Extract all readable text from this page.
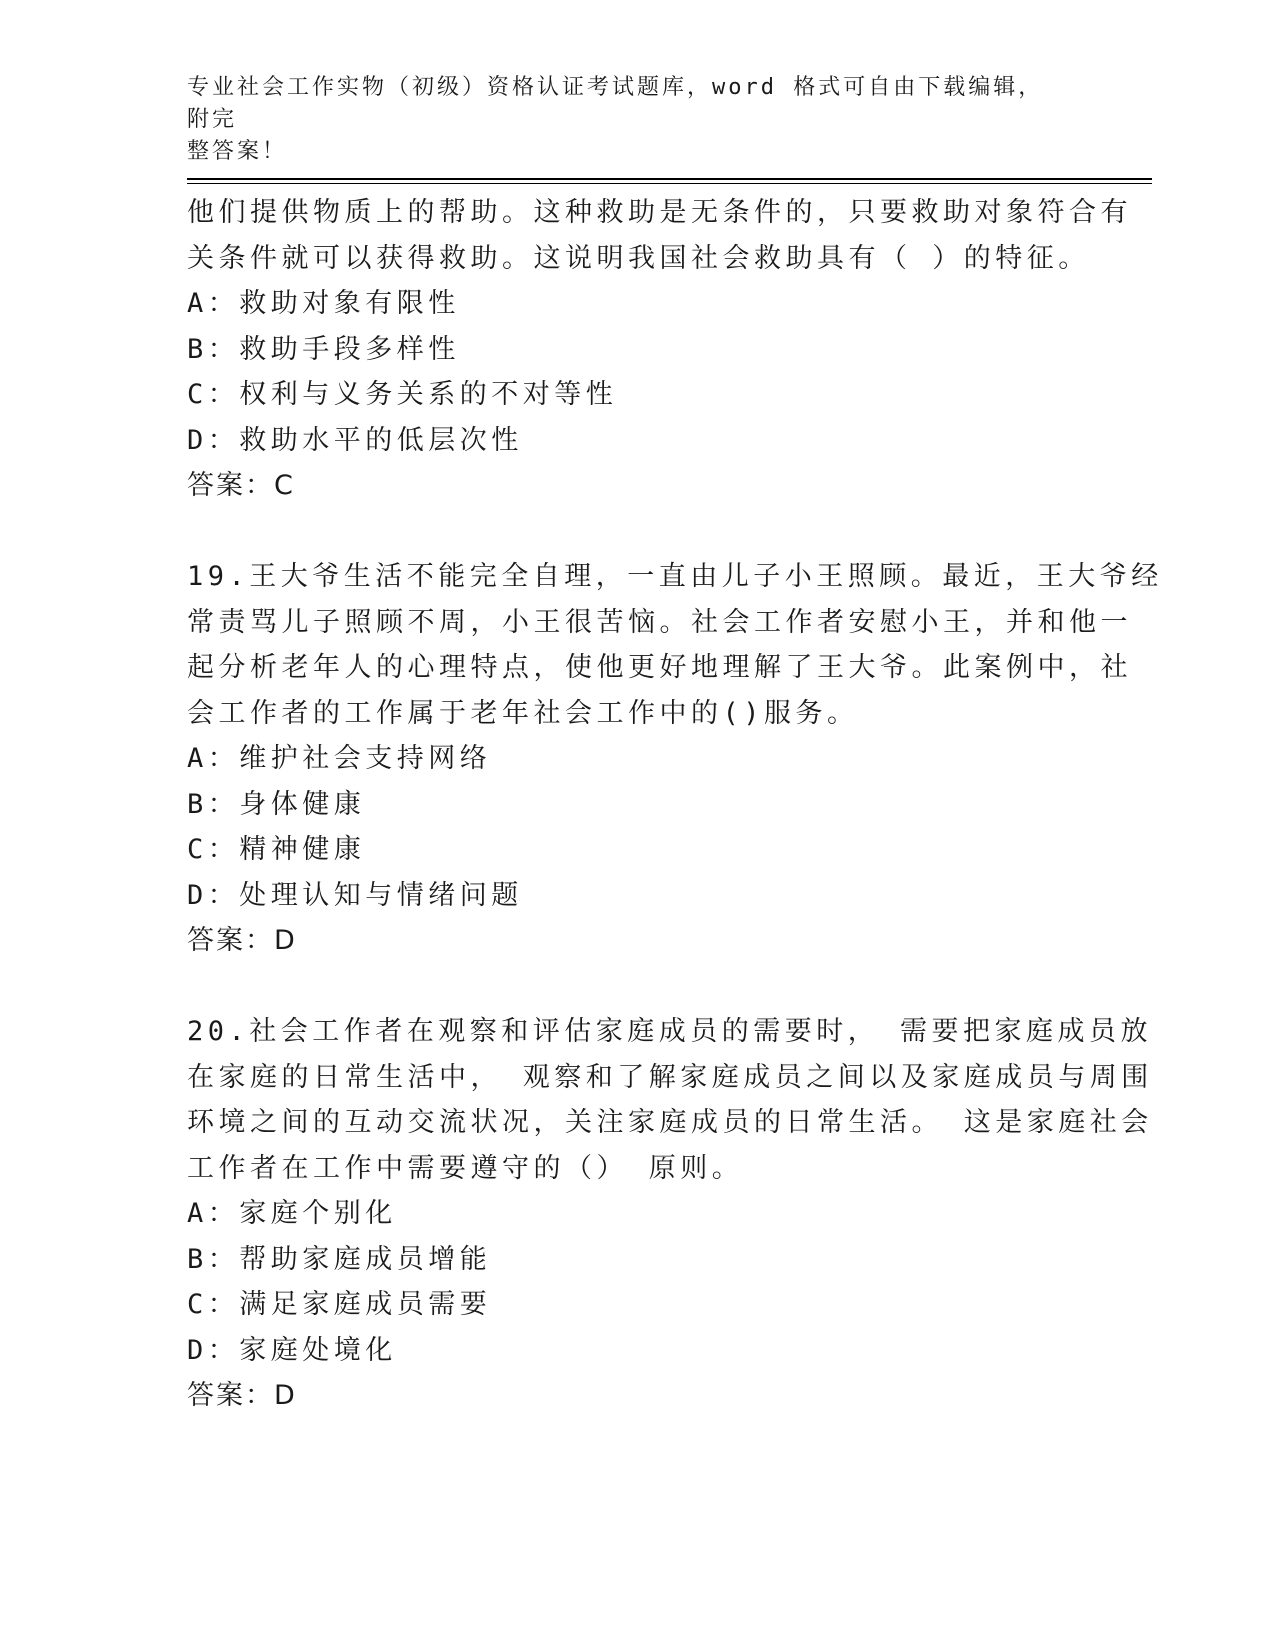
专业社会工作实物（初级）资格认证考试题库，word 格式可自由下载编辑，附完
整答案！
他们提供物质上的帮助。这种救助是无条件的，只要救助对象符合有
关条件就可以获得救助。这说明我国社会救助具有（ ）的特征。
A：救助对象有限性
B：救助手段多样性
C：权利与义务关系的不对等性
D：救助水平的低层次性
答案：C
19.王大爷生活不能完全自理，一直由儿子小王照顾。最近，王大爷经
常责骂儿子照顾不周，小王很苦恼。社会工作者安慰小王，并和他一
起分析老年人的心理特点，使他更好地理解了王大爷。此案例中，社
会工作者的工作属于老年社会工作中的()服务。
A：维护社会支持网络
B：身体健康
C：精神健康
D：处理认知与情绪问题
答案：D
20.社会工作者在观察和评估家庭成员的需要时， 需要把家庭成员放
在家庭的日常生活中， 观察和了解家庭成员之间以及家庭成员与周围
环境之间的互动交流状况，关注家庭成员的日常生活。 这是家庭社会
工作者在工作中需要遵守的（） 原则。
A：家庭个别化
B：帮助家庭成员增能
C：满足家庭成员需要
D：家庭处境化
答案：D
